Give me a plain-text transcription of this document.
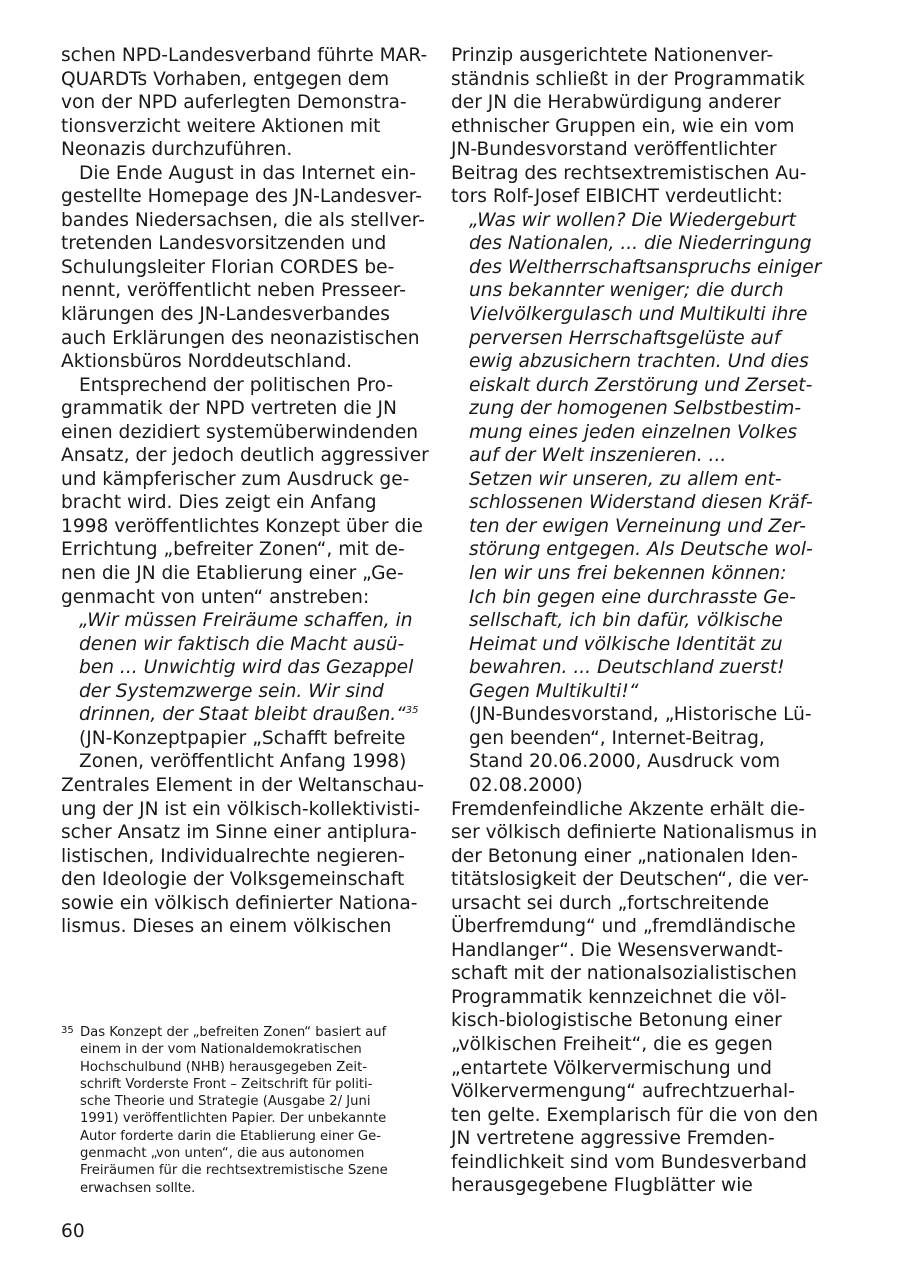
schen NPD-Landesverband führte MAR-
QUARDTs Vorhaben, entgegen dem
von der NPD auferlegten Demonstra-
tionsverzicht weitere Aktionen mit
Neonazis durchzuführen.
Die Ende August in das Internet ein-
gestellte Homepage des JN-Landesver-
bandes Niedersachsen, die als stellver-
tretenden Landesvorsitzenden und
Schulungsleiter Florian CORDES be-
nennt, veröffentlicht neben Presseer-
klärungen des JN-Landesverbandes
auch Erklärungen des neonazistischen
Aktionsbüros Norddeutschland.
Entsprechend der politischen Pro-
grammatik der NPD vertreten die JN
einen dezidiert systemüberwindenden
Ansatz, der jedoch deutlich aggressiver
und kämpferischer zum Ausdruck ge-
bracht wird. Dies zeigt ein Anfang
1998 veröffentlichtes Konzept über die
Errichtung „befreiter Zonen“, mit de-
nen die JN die Etablierung einer „Ge-
genmacht von unten“ anstreben:
„Wir müssen Freiräume schaffen, in
denen wir faktisch die Macht ausü-
ben ... Unwichtig wird das Gezappel
der Systemzwerge sein. Wir sind
drinnen, der Staat bleibt draußen.“$^{35}$
(JN-Konzeptpapier „Schafft befreite
Zonen, veröffentlicht Anfang 1998)
Zentrales Element in der Weltanschau-
ung der JN ist ein völkisch-kollektivisti-
scher Ansatz im Sinne einer antiplura-
listischen, Individualrechte negieren-
den Ideologie der Volksgemeinschaft
sowie ein völkisch definierter Nationa-
lismus. Dieses an einem völkischen
Prinzip ausgerichtete Nationenver-
ständnis schließt in der Programmatik
der JN die Herabwürdigung anderer
ethnischer Gruppen ein, wie ein vom
JN-Bundesvorstand veröffentlichter
Beitrag des rechtsextremistischen Au-
tors Rolf-Josef EIBICHT verdeutlicht:
„Was wir wollen? Die Wiedergeburt
des Nationalen, ... die Niederringung
des Weltherrschaftsanspruchs einiger
uns bekannter weniger; die durch
Vielvölkergulasch und Multikulti ihre
perversen Herrschaftsgelüste auf
ewig abzusichern trachten. Und dies
eiskalt durch Zerstörung und Zerset-
zung der homogenen Selbstbestim-
mung eines jeden einzelnen Volkes
auf der Welt inszenieren. ...
Setzen wir unseren, zu allem ent-
schlossenen Widerstand diesen Kräf-
ten der ewigen Verneinung und Zer-
störung entgegen. Als Deutsche wol-
len wir uns frei bekennen können:
Ich bin gegen eine durchrasste Ge-
sellschaft, ich bin dafür, völkische
Heimat und völkische Identität zu
bewahren. ... Deutschland zuerst!
Gegen Multikulti!“
(JN-Bundesvorstand, „Historische Lü-
gen beenden“, Internet-Beitrag,
Stand 20.06.2000, Ausdruck vom
02.08.2000)
Fremdenfeindliche Akzente erhält die-
ser völkisch definierte Nationalismus in
der Betonung einer „nationalen Iden-
titätslosigkeit der Deutschen“, die ver-
ursacht sei durch „fortschreitende
Überfremdung“ und „fremdländische
Handlanger“. Die Wesensverwandt-
schaft mit der nationalsozialistischen
Programmatik kennzeichnet die völ-
kisch-biologistische Betonung einer
„völkischen Freiheit“, die es gegen
„entartete Völkervermischung und
Völkervermengung“ aufrechtzuerhal-
ten gelte. Exemplarisch für die von den
JN vertretene aggressive Fremden-
feindlichkeit sind vom Bundesverband
herausgegebene Flugblätter wie
35 Das Konzept der „befreiten Zonen“ basiert auf
einem in der vom Nationaldemokratischen
Hochschulbund (NHB) herausgegeben Zeit-
schrift Vorderste Front – Zeitschrift für politi-
sche Theorie und Strategie (Ausgabe 2/ Juni
1991) veröffentlichten Papier. Der unbekannte
Autor forderte darin die Etablierung einer Ge-
genmacht „von unten“, die aus autonomen
Freiräumen für die rechtsextremistische Szene
erwachsen sollte.
60
